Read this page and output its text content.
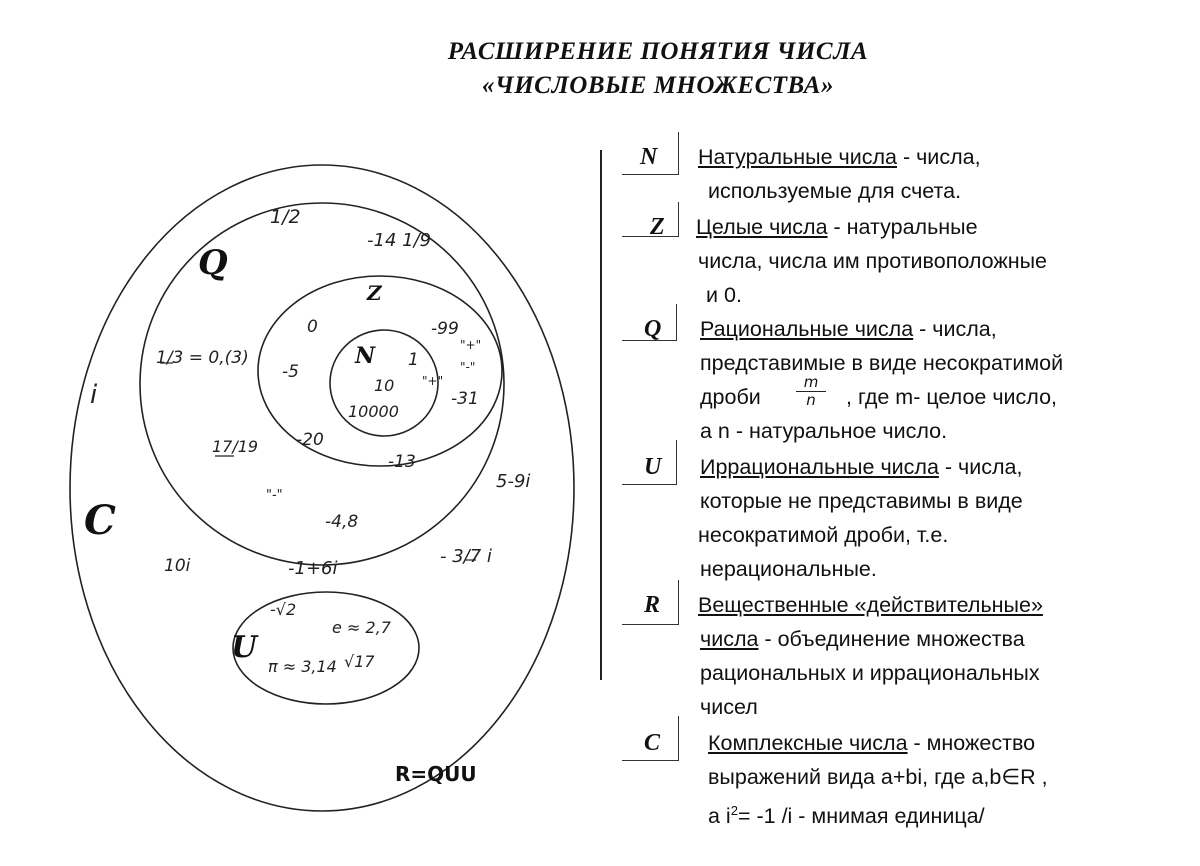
РАСШИРЕНИЕ ПОНЯТИЯ ЧИСЛА
«ЧИСЛОВЫЕ МНОЖЕСТВА»
C
Q
Z
N
U
i
10i	-1+6i
5-9i
- 3/7 i
1/2
-14 1/9
1/3 = 0,(3)
17/19
-4,8
"-"
0
-5
-20
-13
-99
-31
"+"
"-"
1
10
10000
"+"
-√2
e ≈ 2,7
π ≈ 3,14 √17
R=QUU
N Натуральные числа - числа,
используемые для счета.
Z Целые числа - натуральные
числа, числа им противоположные
и 0.
Q Рациональные числа - числа,
представимые в виде несократимой
дроби $\frac{m}{n}$ , где m- целое число,
а n - натуральное число.
U Иррациональные числа - числа,
которые не представимы в виде
несократимой дроби, т.е.
нерациональные.
R Вещественные «действительные»
числа - объединение множества
рациональных и иррациональных
чисел
C Комплексные числа - множество
выражений вида a+bi, где a,b∈R ,
а $i^2= -1$ /i - мнимая единица/
